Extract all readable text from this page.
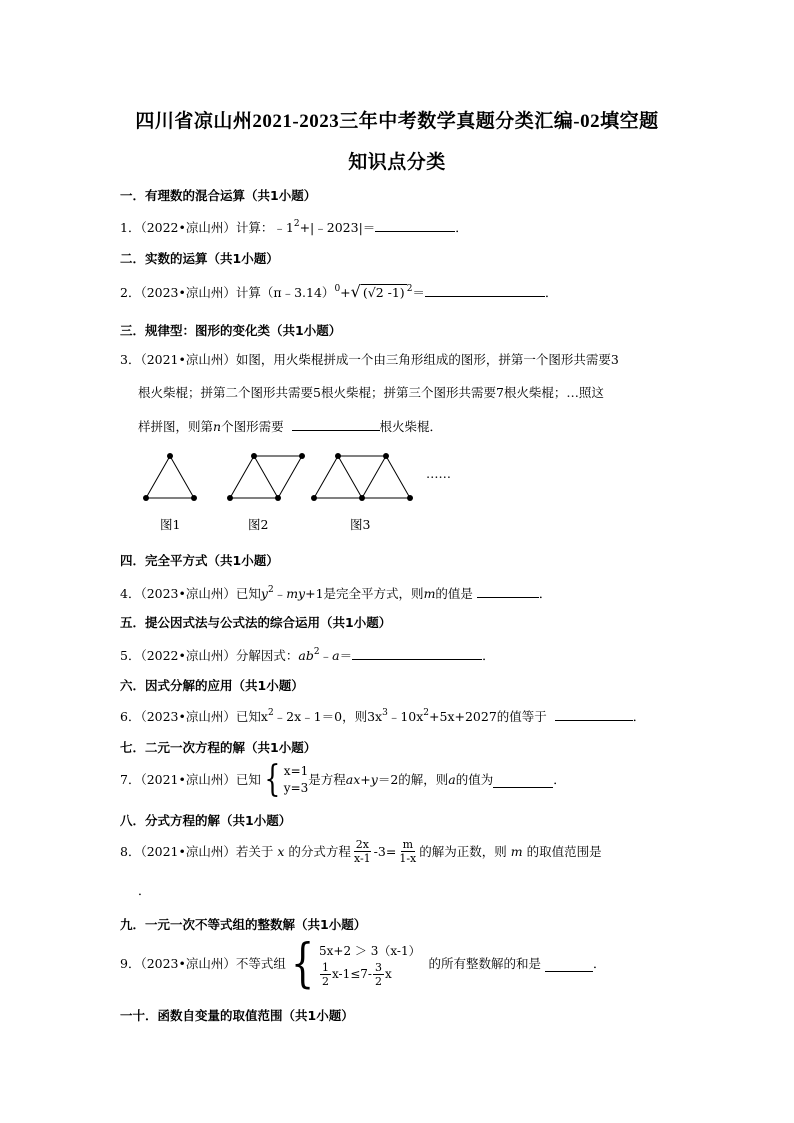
四川省凉山州2021-2023三年中考数学真题分类汇编-02填空题
知识点分类
一．有理数的混合运算（共1小题）
1．（2022•凉山州）计算：$﹣1^2+|﹣2023|=$	．
二．实数的运算（共1小题）
2．（2023•凉山州）计算（π﹣3.14）$^0$+√ (√2 -1) $^2$＝	．
三．规律型：图形的变化类（共1小题）
3．（2021•凉山州）如图，用火柴棍拼成一个由三角形组成的图形，拼第一个图形共需要3
根火柴棍；拼第二个图形共需要5根火柴棍；拼第三个图形共需要7根火柴棍；…照这
样拼图，则第n个图形需要	根火柴棍．
……
图1	图2	图3
四．完全平方式（共1小题）
4．（2023•凉山州）已知$y^2﹣my+1$是完全平方式，则m的值是	．
五．提公因式法与公式法的综合运用（共1小题）
5．（2022•凉山州）分解因式：$ab^2﹣a=$	．
六．因式分解的应用（共1小题）
6．（2023•凉山州）已知$x^2﹣2x﹣1=0$，则$3x^3﹣10x^2+5x+2027$的值等于	．
七．二元一次方程的解（共1小题）
7．（2021•凉山州）已知 { x=1
y=3
是方程 ax + y ＝2的解，则 a 的值为	．
八．分式方程的解（共1小题）
8．（2021•凉山州）若关于
x
的分式方程 $\frac{2x}{x-1} -3= \frac{m}{1-x}$ 的解为正数，则
m
的取值范围是
．
九．一元一次不等式组的整数解（共1小题）
9．（2023•凉山州）不等式组 { 5x+2 ＞ 3（x-1）
$\frac{1}{2} x-1\le 7- \frac{3}{2}$ x

的所有整数解的和是
	．
一十．函数自变量的取值范围（共1小题）
